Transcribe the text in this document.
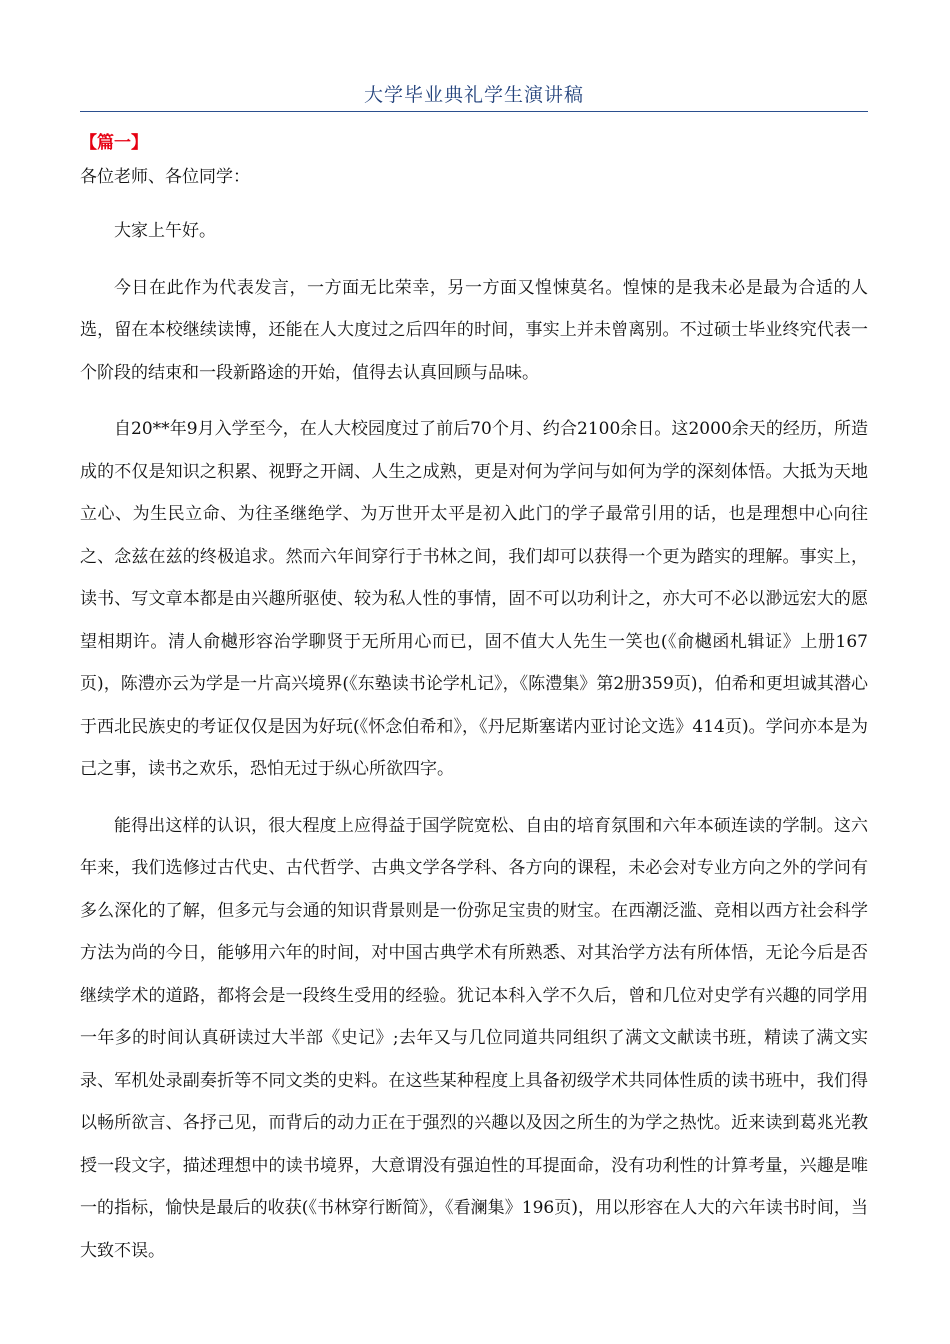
大学毕业典礼学生演讲稿
【篇一】
各位老师、各位同学：

大家上午好。

今日在此作为代表发言，一方面无比荣幸，另一方面又惶悚莫名。惶悚的是我未必是最为合适的人选，留在本校继续读博，还能在人大度过之后四年的时间，事实上并未曾离别。不过硕士毕业终究代表一个阶段的结束和一段新路途的开始，值得去认真回顾与品味。

自20**年9月入学至今，在人大校园度过了前后70个月、约合2100余日。这2000余天的经历，所造成的不仅是知识之积累、视野之开阔、人生之成熟，更是对何为学问与如何为学的深刻体悟。大抵为天地立心、为生民立命、为往圣继绝学、为万世开太平是初入此门的学子最常引用的话，也是理想中心向往之、念兹在兹的终极追求。然而六年间穿行于书林之间，我们却可以获得一个更为踏实的理解。事实上，读书、写文章本都是由兴趣所驱使、较为私人性的事情，固不可以功利计之，亦大可不必以渺远宏大的愿望相期许。清人俞樾形容治学聊贤于无所用心而已，固不值大人先生一笑也(《俞樾函札辑证》上册167页)，陈澧亦云为学是一片高兴境界(《东塾读书论学札记》，《陈澧集》第2册359页)，伯希和更坦诚其潜心于西北民族史的考证仅仅是因为好玩(《怀念伯希和》，《丹尼斯塞诺内亚讨论文选》414页)。学问亦本是为己之事，读书之欢乐，恐怕无过于纵心所欲四字。

能得出这样的认识，很大程度上应得益于国学院宽松、自由的培育氛围和六年本硕连读的学制。这六年来，我们选修过古代史、古代哲学、古典文学各学科、各方向的课程，未必会对专业方向之外的学问有多么深化的了解，但多元与会通的知识背景则是一份弥足宝贵的财宝。在西潮泛滥、竞相以西方社会科学方法为尚的今日，能够用六年的时间，对中国古典学术有所熟悉、对其治学方法有所体悟，无论今后是否继续学术的道路，都将会是一段终生受用的经验。犹记本科入学不久后，曾和几位对史学有兴趣的同学用一年多的时间认真研读过大半部《史记》;去年又与几位同道共同组织了满文文献读书班，精读了满文实录、军机处录副奏折等不同文类的史料。在这些某种程度上具备初级学术共同体性质的读书班中，我们得以畅所欲言、各抒己见，而背后的动力正在于强烈的兴趣以及因之所生的为学之热忱。近来读到葛兆光教授一段文字，描述理想中的读书境界，大意谓没有强迫性的耳提面命，没有功利性的计算考量，兴趣是唯一的指标，愉快是最后的收获(《书林穿行断简》，《看澜集》196页)，用以形容在人大的六年读书时间，当大致不误。
